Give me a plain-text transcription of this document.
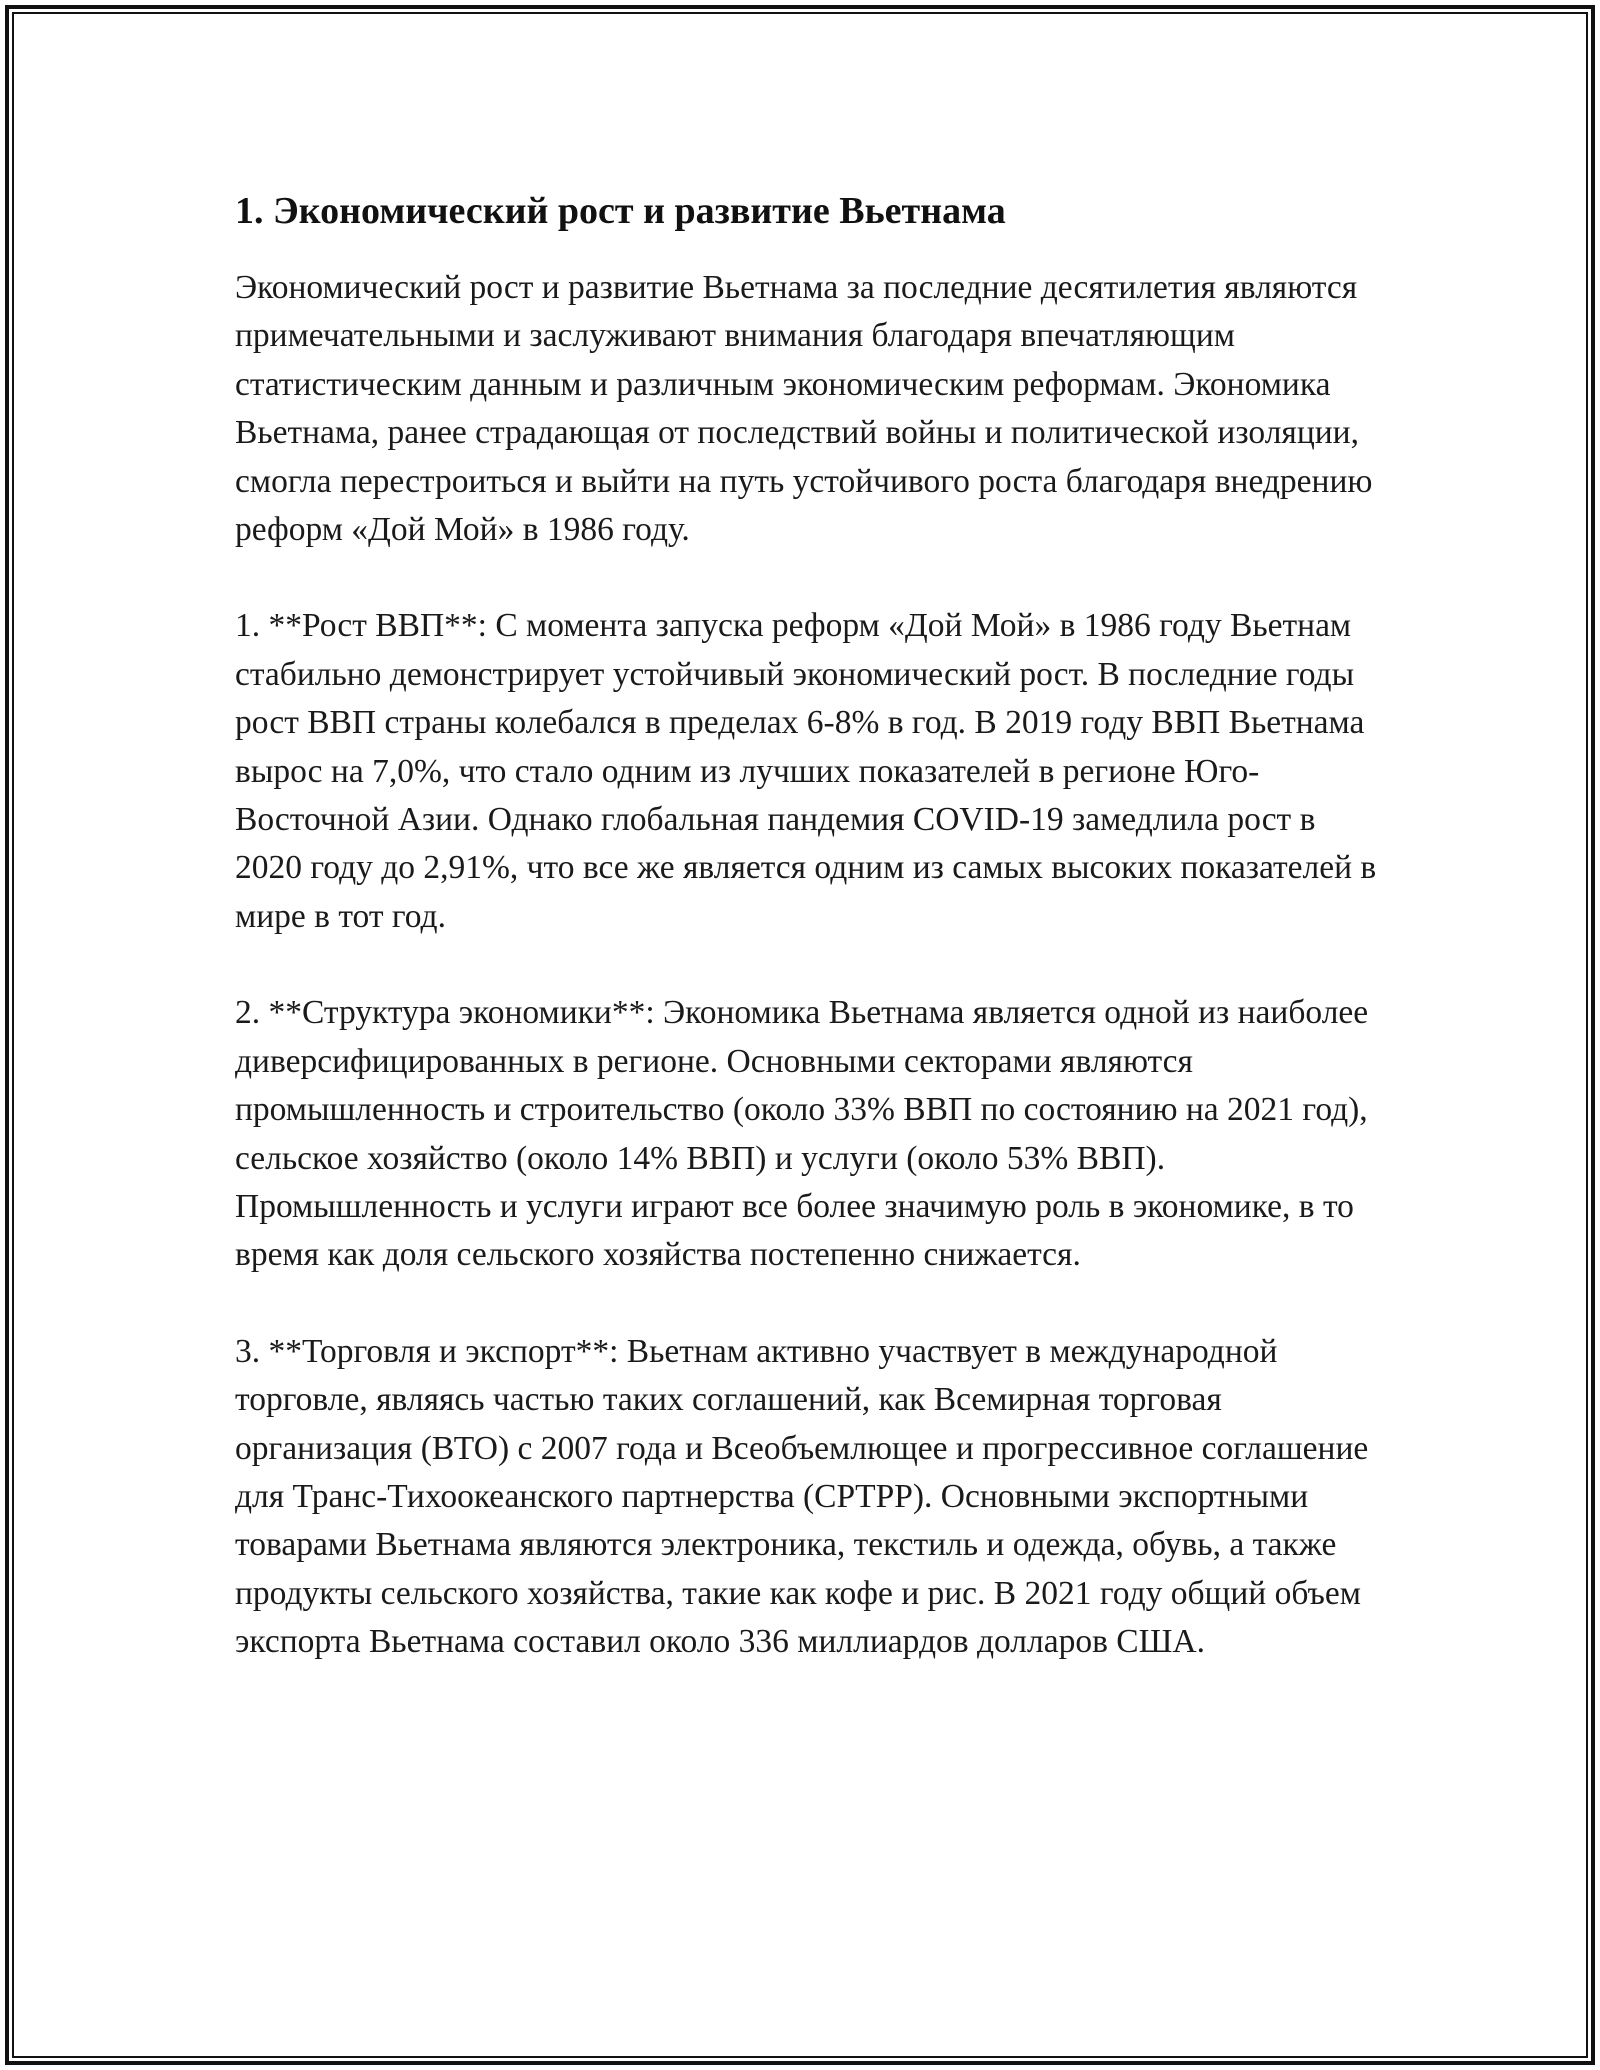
1. Экономический рост и развитие Вьетнама

Экономический рост и развитие Вьетнама за последние десятилетия являются примечательными и заслуживают внимания благодаря впечатляющим статистическим данным и различным экономическим реформам. Экономика Вьетнама, ранее страдающая от последствий войны и политической изоляции, смогла перестроиться и выйти на путь устойчивого роста благодаря внедрению реформ «Дой Мой» в 1986 году.

1. **Рост ВВП**: С момента запуска реформ «Дой Мой» в 1986 году Вьетнам стабильно демонстрирует устойчивый экономический рост. В последние годы рост ВВП страны колебался в пределах 6-8% в год. В 2019 году ВВП Вьетнама вырос на 7,0%, что стало одним из лучших показателей в регионе Юго-Восточной Азии. Однако глобальная пандемия COVID-19 замедлила рост в 2020 году до 2,91%, что все же является одним из самых высоких показателей в мире в тот год.

2. **Структура экономики**: Экономика Вьетнама является одной из наиболее диверсифицированных в регионе. Основными секторами являются промышленность и строительство (около 33% ВВП по состоянию на 2021 год), сельское хозяйство (около 14% ВВП) и услуги (около 53% ВВП). Промышленность и услуги играют все более значимую роль в экономике, в то время как доля сельского хозяйства постепенно снижается.

3. **Торговля и экспорт**: Вьетнам активно участвует в международной торговле, являясь частью таких соглашений, как Всемирная торговая организация (ВТО) с 2007 года и Всеобъемлющее и прогрессивное соглашение для Транс-Тихоокеанского партнерства (CPTPP). Основными экспортными товарами Вьетнама являются электроника, текстиль и одежда, обувь, а также продукты сельского хозяйства, такие как кофе и рис. В 2021 году общий объем экспорта Вьетнама составил около 336 миллиардов долларов США.
